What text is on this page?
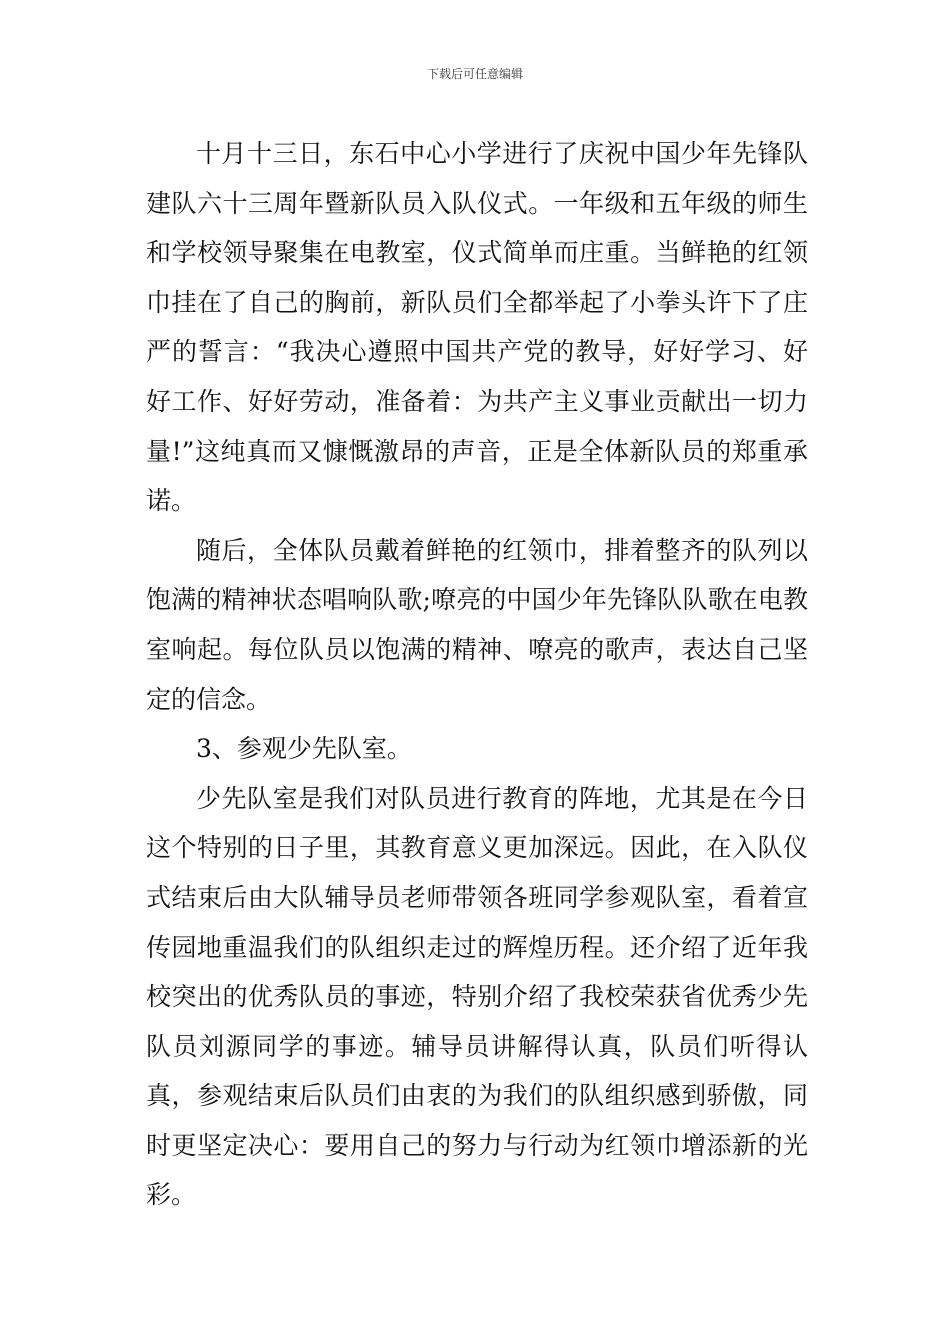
下载后可任意编辑

十月十三日，东石中心小学进行了庆祝中国少年先锋队建队六十三周年暨新队员入队仪式。一年级和五年级的师生和学校领导聚集在电教室，仪式简单而庄重。当鲜艳的红领巾挂在了自己的胸前，新队员们全都举起了小拳头许下了庄严的誓言：“我决心遵照中国共产党的教导，好好学习、好好工作、好好劳动，准备着：为共产主义事业贡献出一切力量!”这纯真而又慷慨激昂的声音，正是全体新队员的郑重承诺。

随后，全体队员戴着鲜艳的红领巾，排着整齐的队列以饱满的精神状态唱响队歌;嘹亮的中国少年先锋队队歌在电教室响起。每位队员以饱满的精神、嘹亮的歌声，表达自己坚定的信念。

3、参观少先队室。

少先队室是我们对队员进行教育的阵地，尤其是在今日这个特别的日子里，其教育意义更加深远。因此，在入队仪式结束后由大队辅导员老师带领各班同学参观队室，看着宣传园地重温我们的队组织走过的辉煌历程。还介绍了近年我校突出的优秀队员的事迹，特别介绍了我校荣获省优秀少先队员刘源同学的事迹。辅导员讲解得认真，队员们听得认真，参观结束后队员们由衷的为我们的队组织感到骄傲，同时更坚定决心：要用自己的努力与行动为红领巾增添新的光彩。
